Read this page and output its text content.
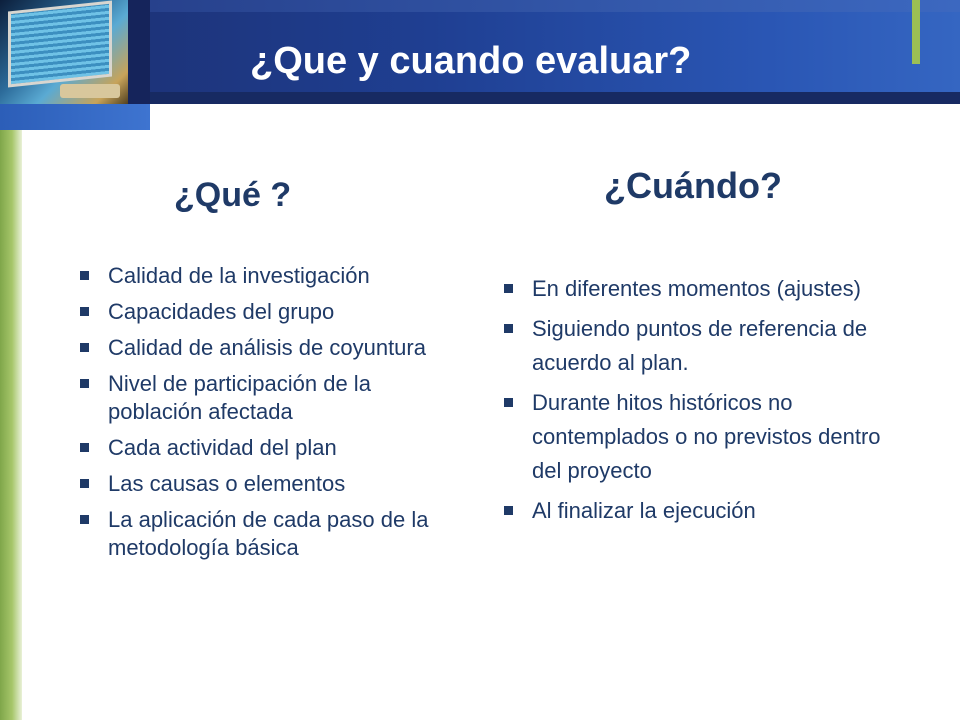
¿Que y cuando evaluar?
¿Qué ?	¿Cuándo?
Calidad de la investigación
Capacidades del grupo
Calidad de análisis de coyuntura
Nivel de participación de la población afectada
Cada actividad del plan
Las causas o elementos
La aplicación de cada paso de la metodología básica
En diferentes momentos (ajustes)
Siguiendo puntos de referencia de acuerdo al plan.
Durante hitos históricos no contemplados o no previstos dentro del proyecto
Al finalizar la ejecución
